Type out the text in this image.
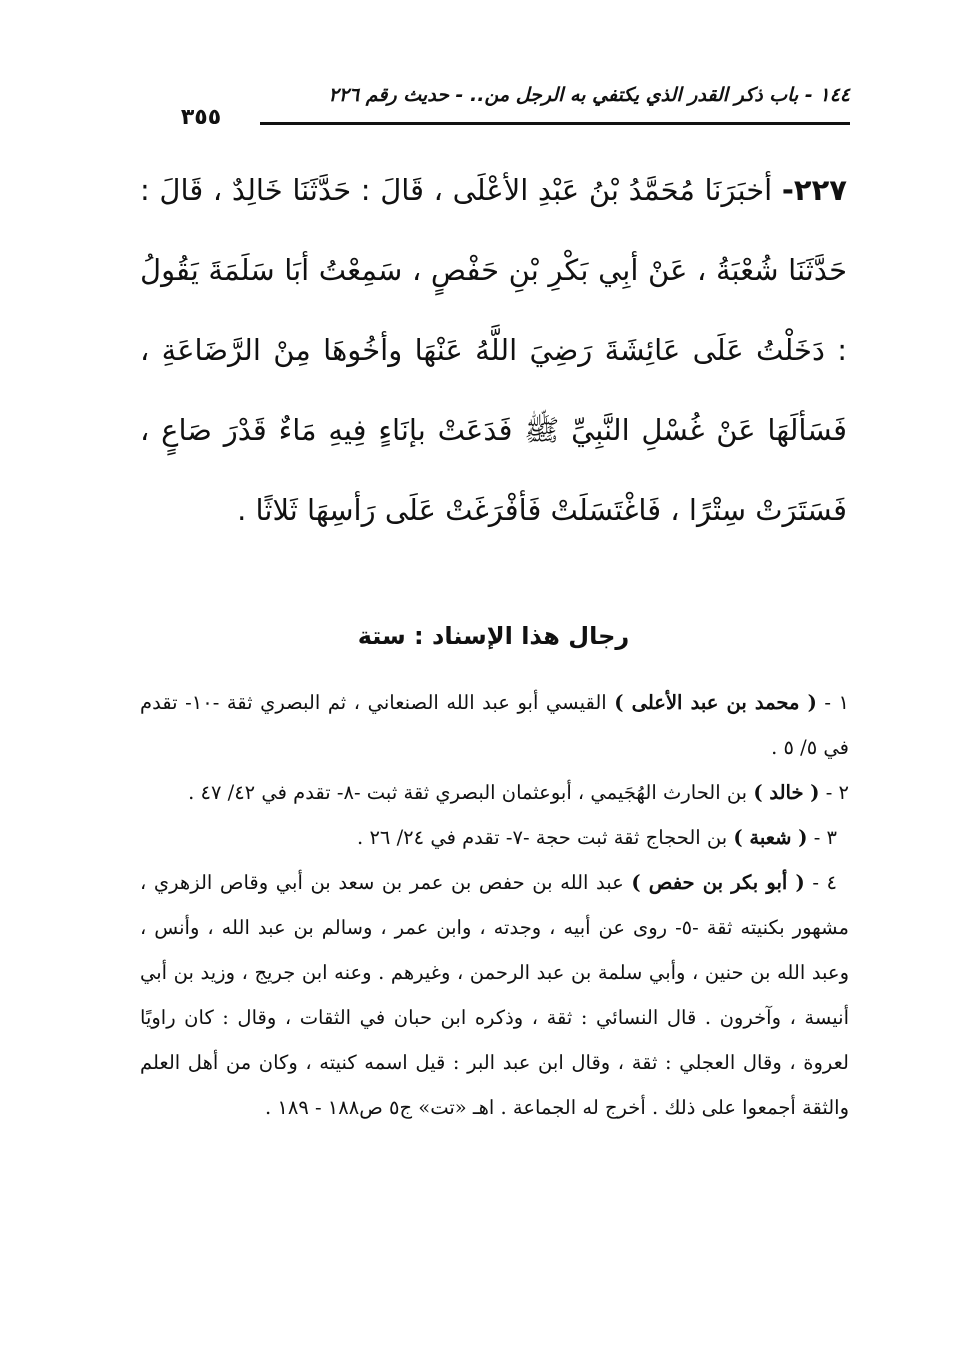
١٤٤ - باب ذكر القدر الذي يكتفي به الرجل من.. - حديث رقم ٢٢٦
٣٥٥
٢٢٧- أخبَرَنَا مُحَمَّدُ بْنُ عَبْدِ الأعْلَى ، قَالَ : حَدَّثَنَا خَالِدٌ ، قَالَ : حَدَّثَنَا شُعْبَةُ ، عَنْ أبِي بَكْرِ بْنِ حَفْصٍ ، سَمِعْتُ أبَا سَلَمَةَ يَقُولُ : دَخَلْتُ عَلَى عَائِشَةَ رَضِيَ اللَّهُ عَنْهَا وأخُوهَا مِنْ الرَّضَاعَةِ ، فَسَألَهَا عَنْ غُسْلِ النَّبِيِّ ﷺ فَدَعَتْ بإنَاءٍ فِيهِ مَاءٌ قَدْرَ صَاعٍ ، فَسَتَرَتْ سِتْرًا ، فَاغْتَسَلَتْ فَأفْرَغَتْ عَلَى رَأسِهَا ثَلاثًا .
رجال هذا الإسناد : ستة

١ - ( محمد بن عبد الأعلى ) القيسي أبو عبد الله الصنعاني ، ثم البصري ثقة -١٠- تقدم في ٥/ ٥ .

٢ - ( خالد ) بن الحارث الهُجَيمي ، أبوعثمان البصري ثقة ثبت -٨- تقدم في ٤٢/ ٤٧ .

٣ - ( شعبة ) بن الحجاج ثقة ثبت حجة -٧- تقدم في ٢٤/ ٢٦ .

٤ - ( أبو بكر بن حفص ) عبد الله بن حفص بن عمر بن سعد بن أبي وقاص الزهري ، مشهور بكنيته ثقة -٥- روى عن أبيه ، وجدته ، وابن عمر ، وسالم بن عبد الله ، وأنس ، وعبد الله بن حنين ، وأبي سلمة بن عبد الرحمن ، وغيرهم . وعنه ابن جريج ، وزيد بن أبي أنيسة ، وآخرون . قال النسائي : ثقة ، وذكره ابن حبان في الثقات ، وقال : كان راويًا لعروة ، وقال العجلي : ثقة ، وقال ابن عبد البر : قيل اسمه كنيته ، وكان من أهل العلم والثقة أجمعوا على ذلك . أخرج له الجماعة . اهـ «تت» ج٥ ص١٨٨ - ١٨٩ .
